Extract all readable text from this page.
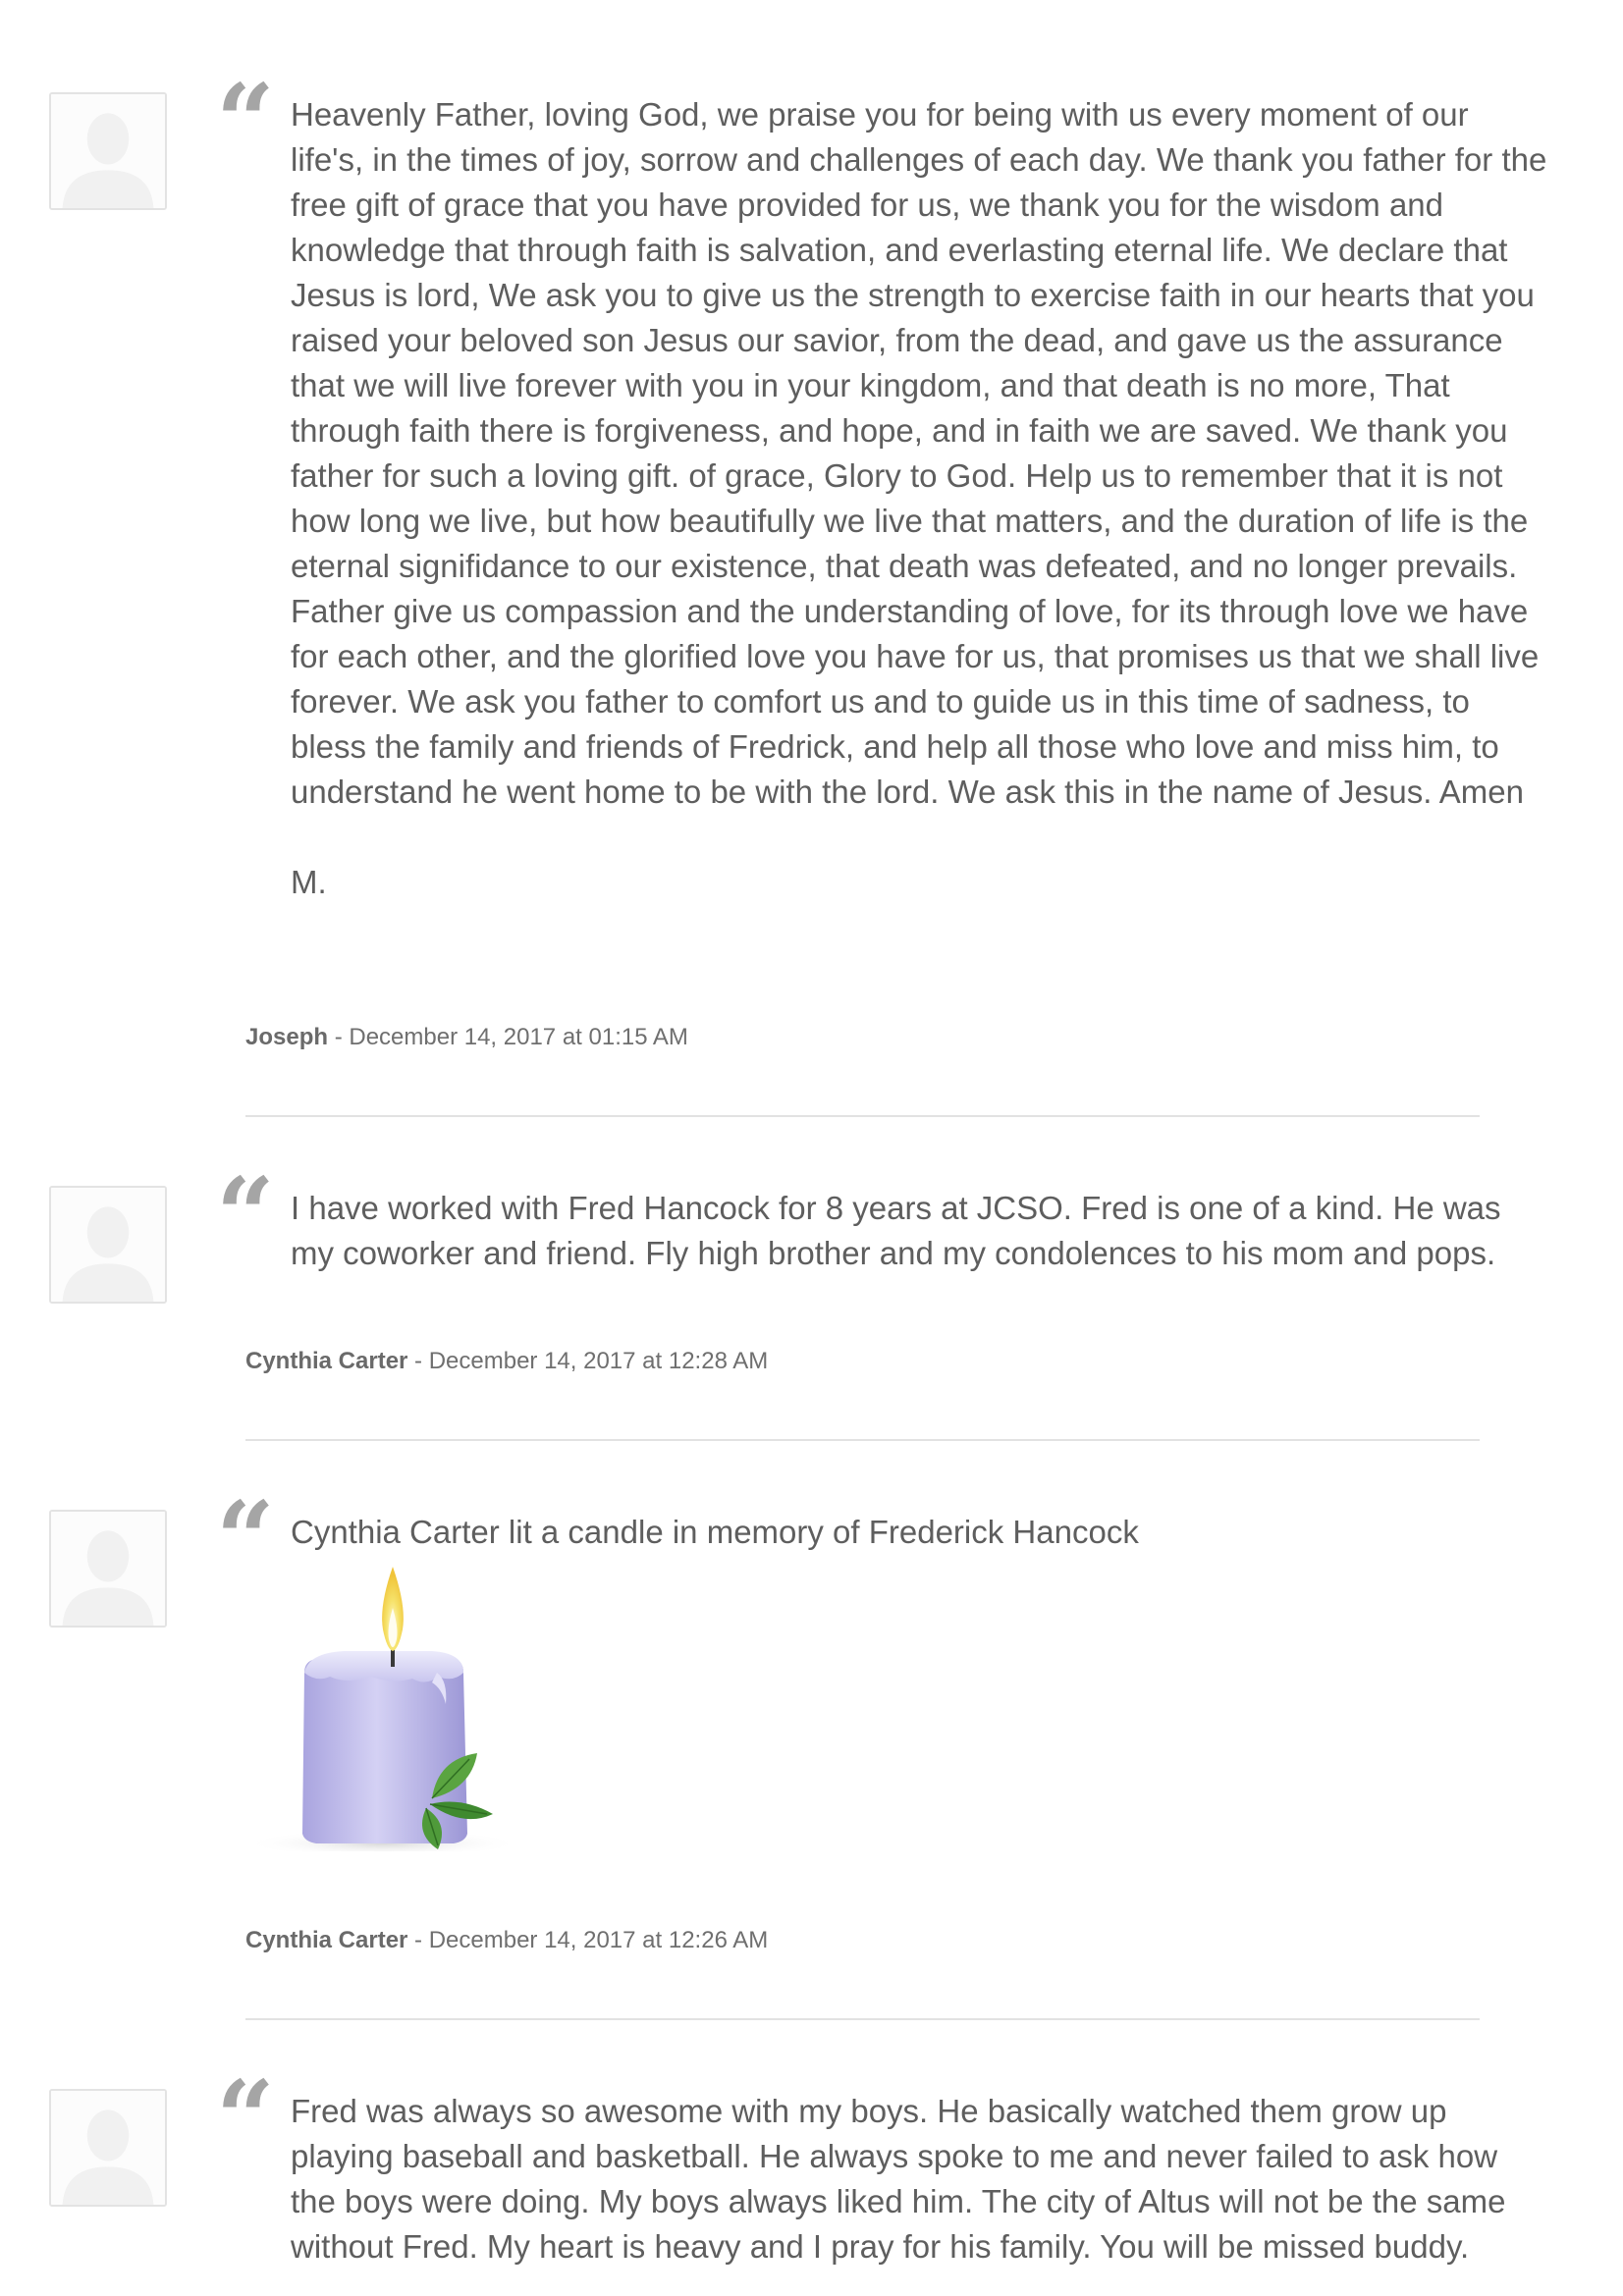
“ Heavenly Father, loving God, we praise you for being with us every moment of our life's, in the times of joy, sorrow and challenges of each day. We thank you father for the free gift of grace that you have provided for us, we thank you for the wisdom and knowledge that through faith is salvation, and everlasting eternal life. We declare that Jesus is lord, We ask you to give us the strength to exercise faith in our hearts that you raised your beloved son Jesus our savior, from the dead, and gave us the assurance that we will live forever with you in your kingdom, and that death is no more, That through faith there is forgiveness, and hope, and in faith we are saved. We thank you father for such a loving gift. of grace, Glory to God. Help us to remember that it is not how long we live, but how beautifully we live that matters, and the duration of life is the eternal signifidance to our existence, that death was defeated, and no longer prevails. Father give us compassion and the understanding of love, for its through love we have for each other, and the glorified love you have for us, that promises us that we shall live forever. We ask you father to comfort us and to guide us in this time of sadness, to bless the family and friends of Fredrick, and help all those who love and miss him, to understand he went home to be with the lord. We ask this in the name of Jesus. Amen

M.
Joseph - December 14, 2017 at 01:15 AM
“ I have worked with Fred Hancock for 8 years at JCSO. Fred is one of a kind. He was my coworker and friend. Fly high brother and my condolences to his mom and pops.
Cynthia Carter - December 14, 2017 at 12:28 AM
“ Cynthia Carter lit a candle in memory of Frederick Hancock
Cynthia Carter - December 14, 2017 at 12:26 AM
“ Fred was always so awesome with my boys. He basically watched them grow up playing baseball and basketball. He always spoke to me and never failed to ask how the boys were doing. My boys always liked him. The city of Altus will not be the same without Fred. My heart is heavy and I pray for his family. You will be missed buddy.
